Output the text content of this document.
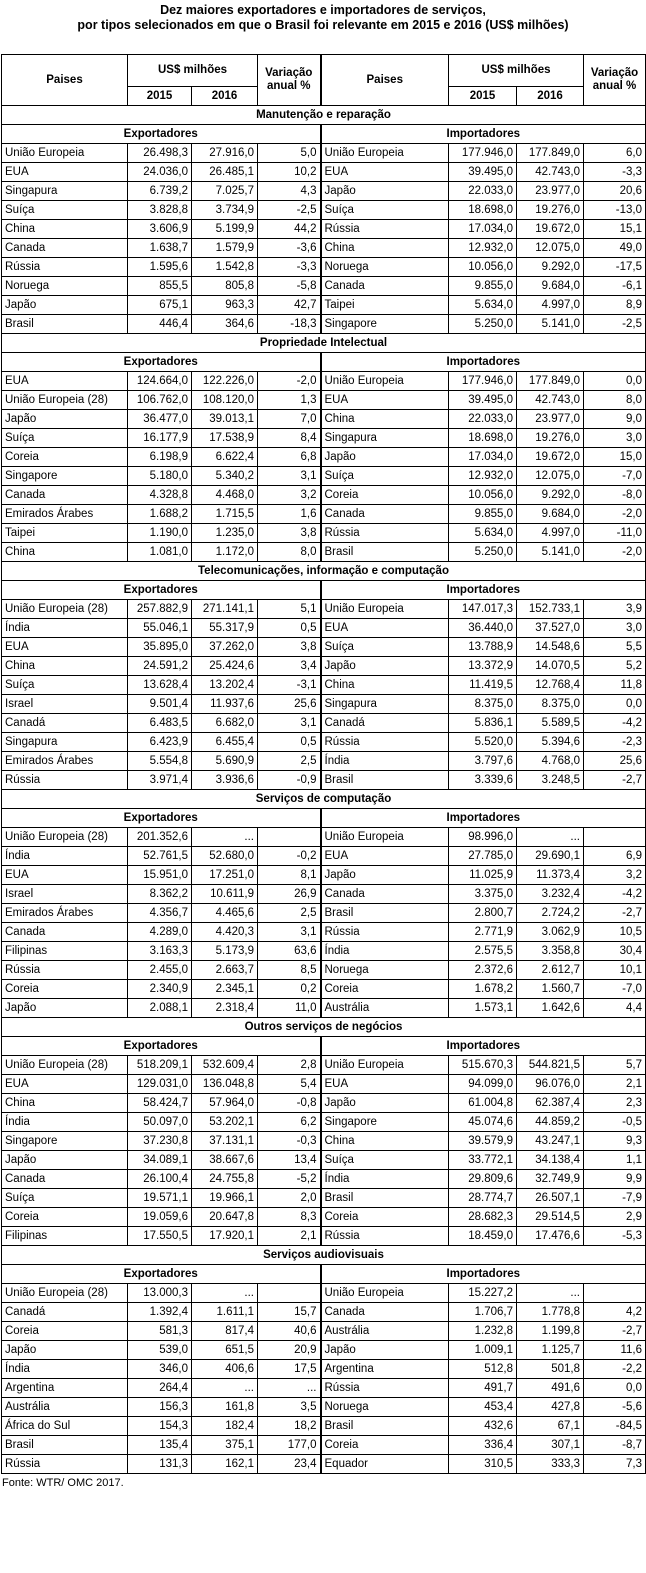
Dez maiores exportadores e importadores de serviços,
por tipos selecionados em que o Brasil foi relevante em 2015 e 2016 (US$ milhões)
Paises	US$ milhões		Variação anual %	Paises	US$ milhões		Variação anual %
	2015	2016			2015	2016	
Manutenção e reparação							
Exportadores				Importadores			
União Europeia	26.498,3	27.916,0	5,0	União Europeia	177.946,0	177.849,0	6,0
EUA	24.036,0	26.485,1	10,2	EUA	39.495,0	42.743,0	-3,3
Singapura	6.739,2	7.025,7	4,3	Japão	22.033,0	23.977,0	20,6
Suíça	3.828,8	3.734,9	-2,5	Suíça	18.698,0	19.276,0	-13,0
China	3.606,9	5.199,9	44,2	Rússia	17.034,0	19.672,0	15,1
Canada	1.638,7	1.579,9	-3,6	China	12.932,0	12.075,0	49,0
Rússia	1.595,6	1.542,8	-3,3	Noruega	10.056,0	9.292,0	-17,5
Noruega	855,5	805,8	-5,8	Canada	9.855,0	9.684,0	-6,1
Japão	675,1	963,3	42,7	Taipei	5.634,0	4.997,0	8,9
Brasil	446,4	364,6	-18,3	Singapore	5.250,0	5.141,0	-2,5
Propriedade Intelectual							
Exportadores				Importadores			
EUA	124.664,0	122.226,0	-2,0	União Europeia	177.946,0	177.849,0	0,0
União Europeia (28)	106.762,0	108.120,0	1,3	EUA	39.495,0	42.743,0	8,0
Japão	36.477,0	39.013,1	7,0	China	22.033,0	23.977,0	9,0
Suíça	16.177,9	17.538,9	8,4	Singapura	18.698,0	19.276,0	3,0
Coreia	6.198,9	6.622,4	6,8	Japão	17.034,0	19.672,0	15,0
Singapore	5.180,0	5.340,2	3,1	Suíça	12.932,0	12.075,0	-7,0
Canada	4.328,8	4.468,0	3,2	Coreia	10.056,0	9.292,0	-8,0
Emirados Árabes	1.688,2	1.715,5	1,6	Canada	9.855,0	9.684,0	-2,0
Taipei	1.190,0	1.235,0	3,8	Rússia	5.634,0	4.997,0	-11,0
China	1.081,0	1.172,0	8,0	Brasil	5.250,0	5.141,0	-2,0
Telecomunicações, informação e computação							
Exportadores				Importadores			
União Europeia (28)	257.882,9	271.141,1	5,1	União Europeia	147.017,3	152.733,1	3,9
Índia	55.046,1	55.317,9	0,5	EUA	36.440,0	37.527,0	3,0
EUA	35.895,0	37.262,0	3,8	Suíça	13.788,9	14.548,6	5,5
China	24.591,2	25.424,6	3,4	Japão	13.372,9	14.070,5	5,2
Suíça	13.628,4	13.202,4	-3,1	China	11.419,5	12.768,4	11,8
Israel	9.501,4	11.937,6	25,6	Singapura	8.375,0	8.375,0	0,0
Canadá	6.483,5	6.682,0	3,1	Canadá	5.836,1	5.589,5	-4,2
Singapura	6.423,9	6.455,4	0,5	Rússia	5.520,0	5.394,6	-2,3
Emirados Árabes	5.554,8	5.690,9	2,5	Índia	3.797,6	4.768,0	25,6
Rússia	3.971,4	3.936,6	-0,9	Brasil	3.339,6	3.248,5	-2,7
Serviços de computação							
Exportadores				Importadores			
União Europeia (28)	201.352,6	...		União Europeia	98.996,0	...	
Índia	52.761,5	52.680,0	-0,2	EUA	27.785,0	29.690,1	6,9
EUA	15.951,0	17.251,0	8,1	Japão	11.025,9	11.373,4	3,2
Israel	8.362,2	10.611,9	26,9	Canada	3.375,0	3.232,4	-4,2
Emirados Árabes	4.356,7	4.465,6	2,5	Brasil	2.800,7	2.724,2	-2,7
Canada	4.289,0	4.420,3	3,1	Rússia	2.771,9	3.062,9	10,5
Filipinas	3.163,3	5.173,9	63,6	Índia	2.575,5	3.358,8	30,4
Rússia	2.455,0	2.663,7	8,5	Noruega	2.372,6	2.612,7	10,1
Coreia	2.340,9	2.345,1	0,2	Coreia	1.678,2	1.560,7	-7,0
Japão	2.088,1	2.318,4	11,0	Austrália	1.573,1	1.642,6	4,4
Outros serviços de negócios							
Exportadores				Importadores			
União Europeia (28)	518.209,1	532.609,4	2,8	União Europeia	515.670,3	544.821,5	5,7
EUA	129.031,0	136.048,8	5,4	EUA	94.099,0	96.076,0	2,1
China	58.424,7	57.964,0	-0,8	Japão	61.004,8	62.387,4	2,3
Índia	50.097,0	53.202,1	6,2	Singapore	45.074,6	44.859,2	-0,5
Singapore	37.230,8	37.131,1	-0,3	China	39.579,9	43.247,1	9,3
Japão	34.089,1	38.667,6	13,4	Suíça	33.772,1	34.138,4	1,1
Canada	26.100,4	24.755,8	-5,2	Índia	29.809,6	32.749,9	9,9
Suíça	19.571,1	19.966,1	2,0	Brasil	28.774,7	26.507,1	-7,9
Coreia	19.059,6	20.647,8	8,3	Coreia	28.682,3	29.514,5	2,9
Filipinas	17.550,5	17.920,1	2,1	Rússia	18.459,0	17.476,6	-5,3
Serviços audiovisuais							
Exportadores				Importadores			
União Europeia (28)	13.000,3	...		União Europeia	15.227,2	...	
Canadá	1.392,4	1.611,1	15,7	Canada	1.706,7	1.778,8	4,2
Coreia	581,3	817,4	40,6	Austrália	1.232,8	1.199,8	-2,7
Japão	539,0	651,5	20,9	Japão	1.009,1	1.125,7	11,6
Índia	346,0	406,6	17,5	Argentina	512,8	501,8	-2,2
Argentina	264,4	...	...	Rússia	491,7	491,6	0,0
Austrália	156,3	161,8	3,5	Noruega	453,4	427,8	-5,6
África do Sul	154,3	182,4	18,2	Brasil	432,6	67,1	-84,5
Brasil	135,4	375,1	177,0	Coreia	336,4	307,1	-8,7
Rússia	131,3	162,1	23,4	Equador	310,5	333,3	7,3
Fonte: WTR/ OMC 2017.
